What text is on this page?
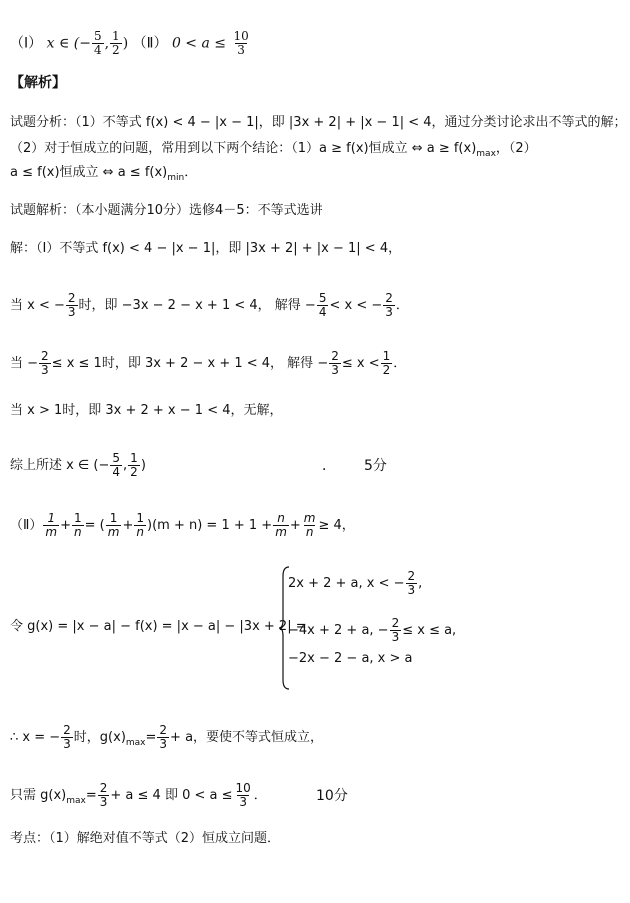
（Ⅰ） x ∈ (− $\frac{5}{4}$ , $\frac{1}{2}$ ) （Ⅱ） $0 < a \le \frac{10}{3}$
【解析】
试题分析：（1）不等式 f(x) < 4 − |x − 1|，即 |3x + 2| + |x − 1| < 4，通过分类讨论求出不等式的解；
（2）对于恒成立的问题，常用到以下两个结论：（1）a ≥ f(x)恒成立 ⇔ $a \ge f(x)_{max}$，（2）
a ≤ f(x)恒成立 ⇔ $a \le f(x)_{min}$．
试题解析：（本小题满分10分）选修4－5：不等式选讲
解：（Ⅰ）不等式 f(x) < 4 − |x − 1|，即 |3x + 2| + |x − 1| < 4，
当 x < − $\frac{2}{3}$ 时，即 −3x − 2 − x + 1 < 4， 解得 − $\frac{5}{4} < x$ < − $\frac{2}{3}$ ．
当 − $\frac{2}{3} \le x \le 1$时，即 3x + 2 − x + 1 < 4， 解得 − $\frac{2}{3} \le x < \frac{1}{2}$ ．
当 x > 1时，即 3x + 2 + x − 1 < 4，无解，
综上所述 x ∈ (− $\frac{5}{4}$ , $\frac{1}{2}$ )	． 5分
（Ⅱ） $\frac{1}{m} + \frac{1}{n}$ = ( $\frac{1}{m} + \frac{1}{n} )(m + n) = 1 + 1 + \frac{n}{m} + \frac{m}{n} \ge 4$，
令 g(x) = |x − a| − f(x) = |x − a| − |3x + 2| =
2x + 2 + a, x < − $\frac{2}{3}$ ,
−4x + 2 + a, − $\frac{2}{3} \le x \le a$,
−2x − 2 − a, x > a
∴ x = − $\frac{2}{3}$ 时，$g(x)_{max}= \frac{2}{3} + a$，要使不等式恒成立，
只需 $g(x)_{max}= \frac{2}{3} + a \le 4$ 即 $0 < a \le \frac{10}{3}$ ．	10分
考点：（1）解绝对值不等式（2）恒成立问题．
